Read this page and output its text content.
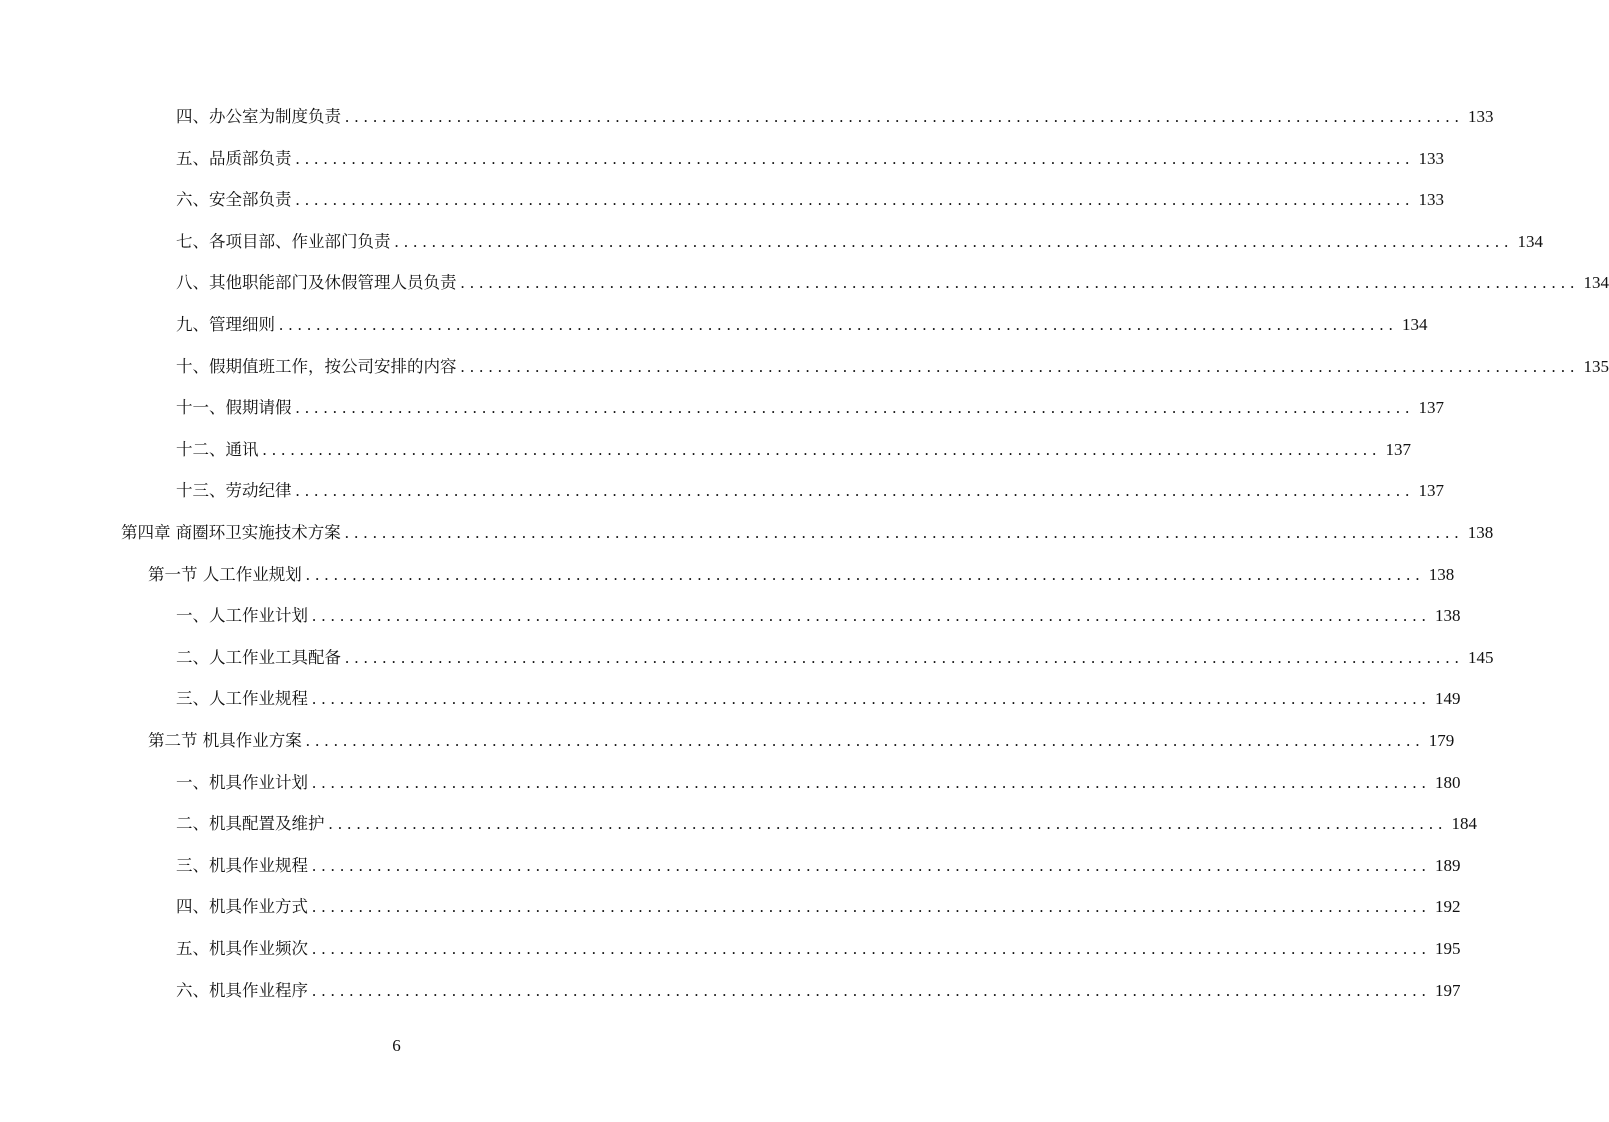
四、办公室为制度负责 ........................................................................................................................ 133
五、品质部负责 ........................................................................................................................ 133
六、安全部负责 ........................................................................................................................ 133
七、各项目部、作业部门负责 ........................................................................................................................ 134
八、其他职能部门及休假管理人员负责 ........................................................................................................................ 134
九、管理细则 ........................................................................................................................ 134
十、假期值班工作，按公司安排的内容 ........................................................................................................................ 135
十一、假期请假 ........................................................................................................................ 137
十二、通讯 ........................................................................................................................ 137
十三、劳动纪律 ........................................................................................................................ 137
第四章 商圈环卫实施技术方案 ........................................................................................................................ 138
第一节 人工作业规划 ........................................................................................................................ 138
一、人工作业计划 ........................................................................................................................ 138
二、人工作业工具配备 ........................................................................................................................ 145
三、人工作业规程 ........................................................................................................................ 149
第二节 机具作业方案 ........................................................................................................................ 179
一、机具作业计划 ........................................................................................................................ 180
二、机具配置及维护 ........................................................................................................................ 184
三、机具作业规程 ........................................................................................................................ 189
四、机具作业方式 ........................................................................................................................ 192
五、机具作业频次 ........................................................................................................................ 195
六、机具作业程序 ........................................................................................................................ 197
6
